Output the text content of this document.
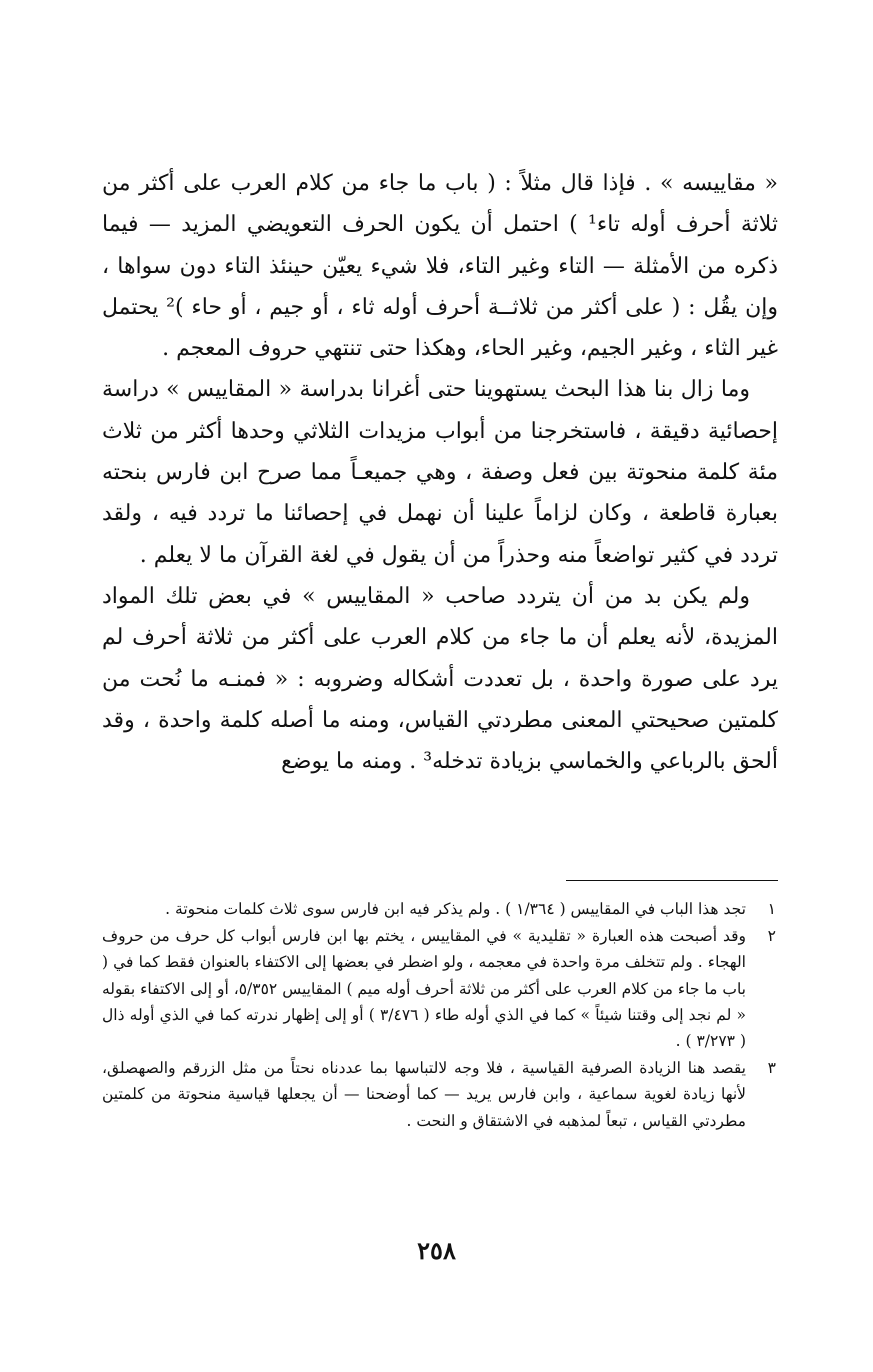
« مقاييسه » . فإذا قال مثلاً : ( باب ما جاء من كلام العرب على أكثر من ثلاثة أحرف أوله تاء¹ ) احتمل أن يكون الحرف التعويضي المزيد — فيما ذكره من الأمثلة — التاء وغير التاء، فلا شيء يعيّن حينئذ التاء دون سواها ، وإن يقُل : ( على أكثر من ثلاثــة أحرف أوله ثاء ، أو جيم ، أو حاء )² يحتمل غير الثاء ، وغير الجيم، وغير الحاء، وهكذا حتى تنتهي حروف المعجم .

وما زال بنا هذا البحث يستهوينا حتى أغرانا بدراسة « المقاييس » دراسة إحصائية دقيقة ، فاستخرجنا من أبواب مزيدات الثلاثي وحدها أكثر من ثلاث مئة كلمة منحوتة بين فعل وصفة ، وهي جميعـاً مما صرح ابن فارس بنحته بعبارة قاطعة ، وكان لزاماً علينا أن نهمل في إحصائنا ما تردد فيه ، ولقد تردد في كثير تواضعاً منه وحذراً من أن يقول في لغة القرآن ما لا يعلم .

ولم يكن بد من أن يتردد صاحب « المقاييس » في بعض تلك المواد المزيدة، لأنه يعلم أن ما جاء من كلام العرب على أكثر من ثلاثة أحرف لم يرد على صورة واحدة ، بل تعددت أشكاله وضروبه : « فمنـه ما نُحت من كلمتين صحيحتي المعنى مطردتي القياس، ومنه ما أصله كلمة واحدة ، وقد ألحق بالرباعي والخماسي بزيادة تدخله³ . ومنه ما يوضع

١
تجد هذا الباب في المقاييس ( ١/٣٦٤ ) . ولم يذكر فيه ابن فارس سوى ثلاث كلمات منحوتة .
٢
وقد أصبحت هذه العبارة « تقليدية » في المقاييس ، يختم بها ابن فارس أبواب كل حرف من حروف الهجاء . ولم تتخلف مرة واحدة في معجمه ، ولو اضطر في بعضها إلى الاكتفاء بالعنوان فقط كما في ( باب ما جاء من كلام العرب على أكثر من ثلاثة أحرف أوله ميم ) المقاييس ٥/٣٥٢، أو إلى الاكتفاء بقوله « لم نجد إلى وقتنا شيئاً » كما في الذي أوله طاء ( ٣/٤٧٦ ) أو إلى إظهار ندرته كما في الذي أوله ذال ( ٣/٢٧٣ ) .
٣
يقصد هنا الزيادة الصرفية القياسية ، فلا وجه لالتباسها بما عددناه نحتاً من مثل الزرقم والصهصلق، لأنها زيادة لغوية سماعية ، وابن فارس يريد — كما أوضحنا — أن يجعلها قياسية منحوتة من كلمتين مطردتي القياس ، تبعاً لمذهبه في الاشتقاق و النحت .
٢٥٨
